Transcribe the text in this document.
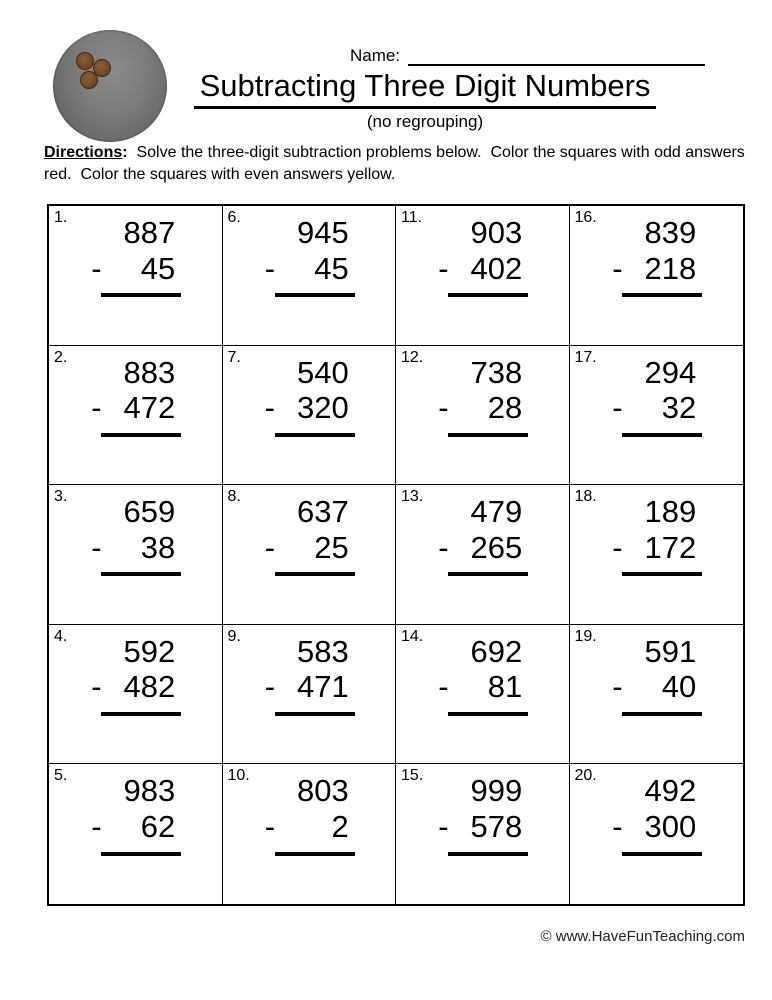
Name:
Subtracting Three Digit Numbers
(no regrouping)
Directions:  Solve the three-digit subtraction problems below.  Color the squares with odd answers red.  Color the squares with even answers yellow.
1.	887
- 45
6.	945
- 45
11.	903
- 402
16.	839
- 218
2.	883
- 472
7.	540
- 320
12.	738
- 28
17.	294
- 32
3.	659
- 38
8.	637
- 25
13.	479
- 265
18.	189
- 172
4.	592
- 482
9.	583
- 471
14.	692
- 81
19.	591
- 40
5.	983
- 62
10.	803
- 2
15.	999
- 578
20.	492
- 300
© www.HaveFunTeaching.com
